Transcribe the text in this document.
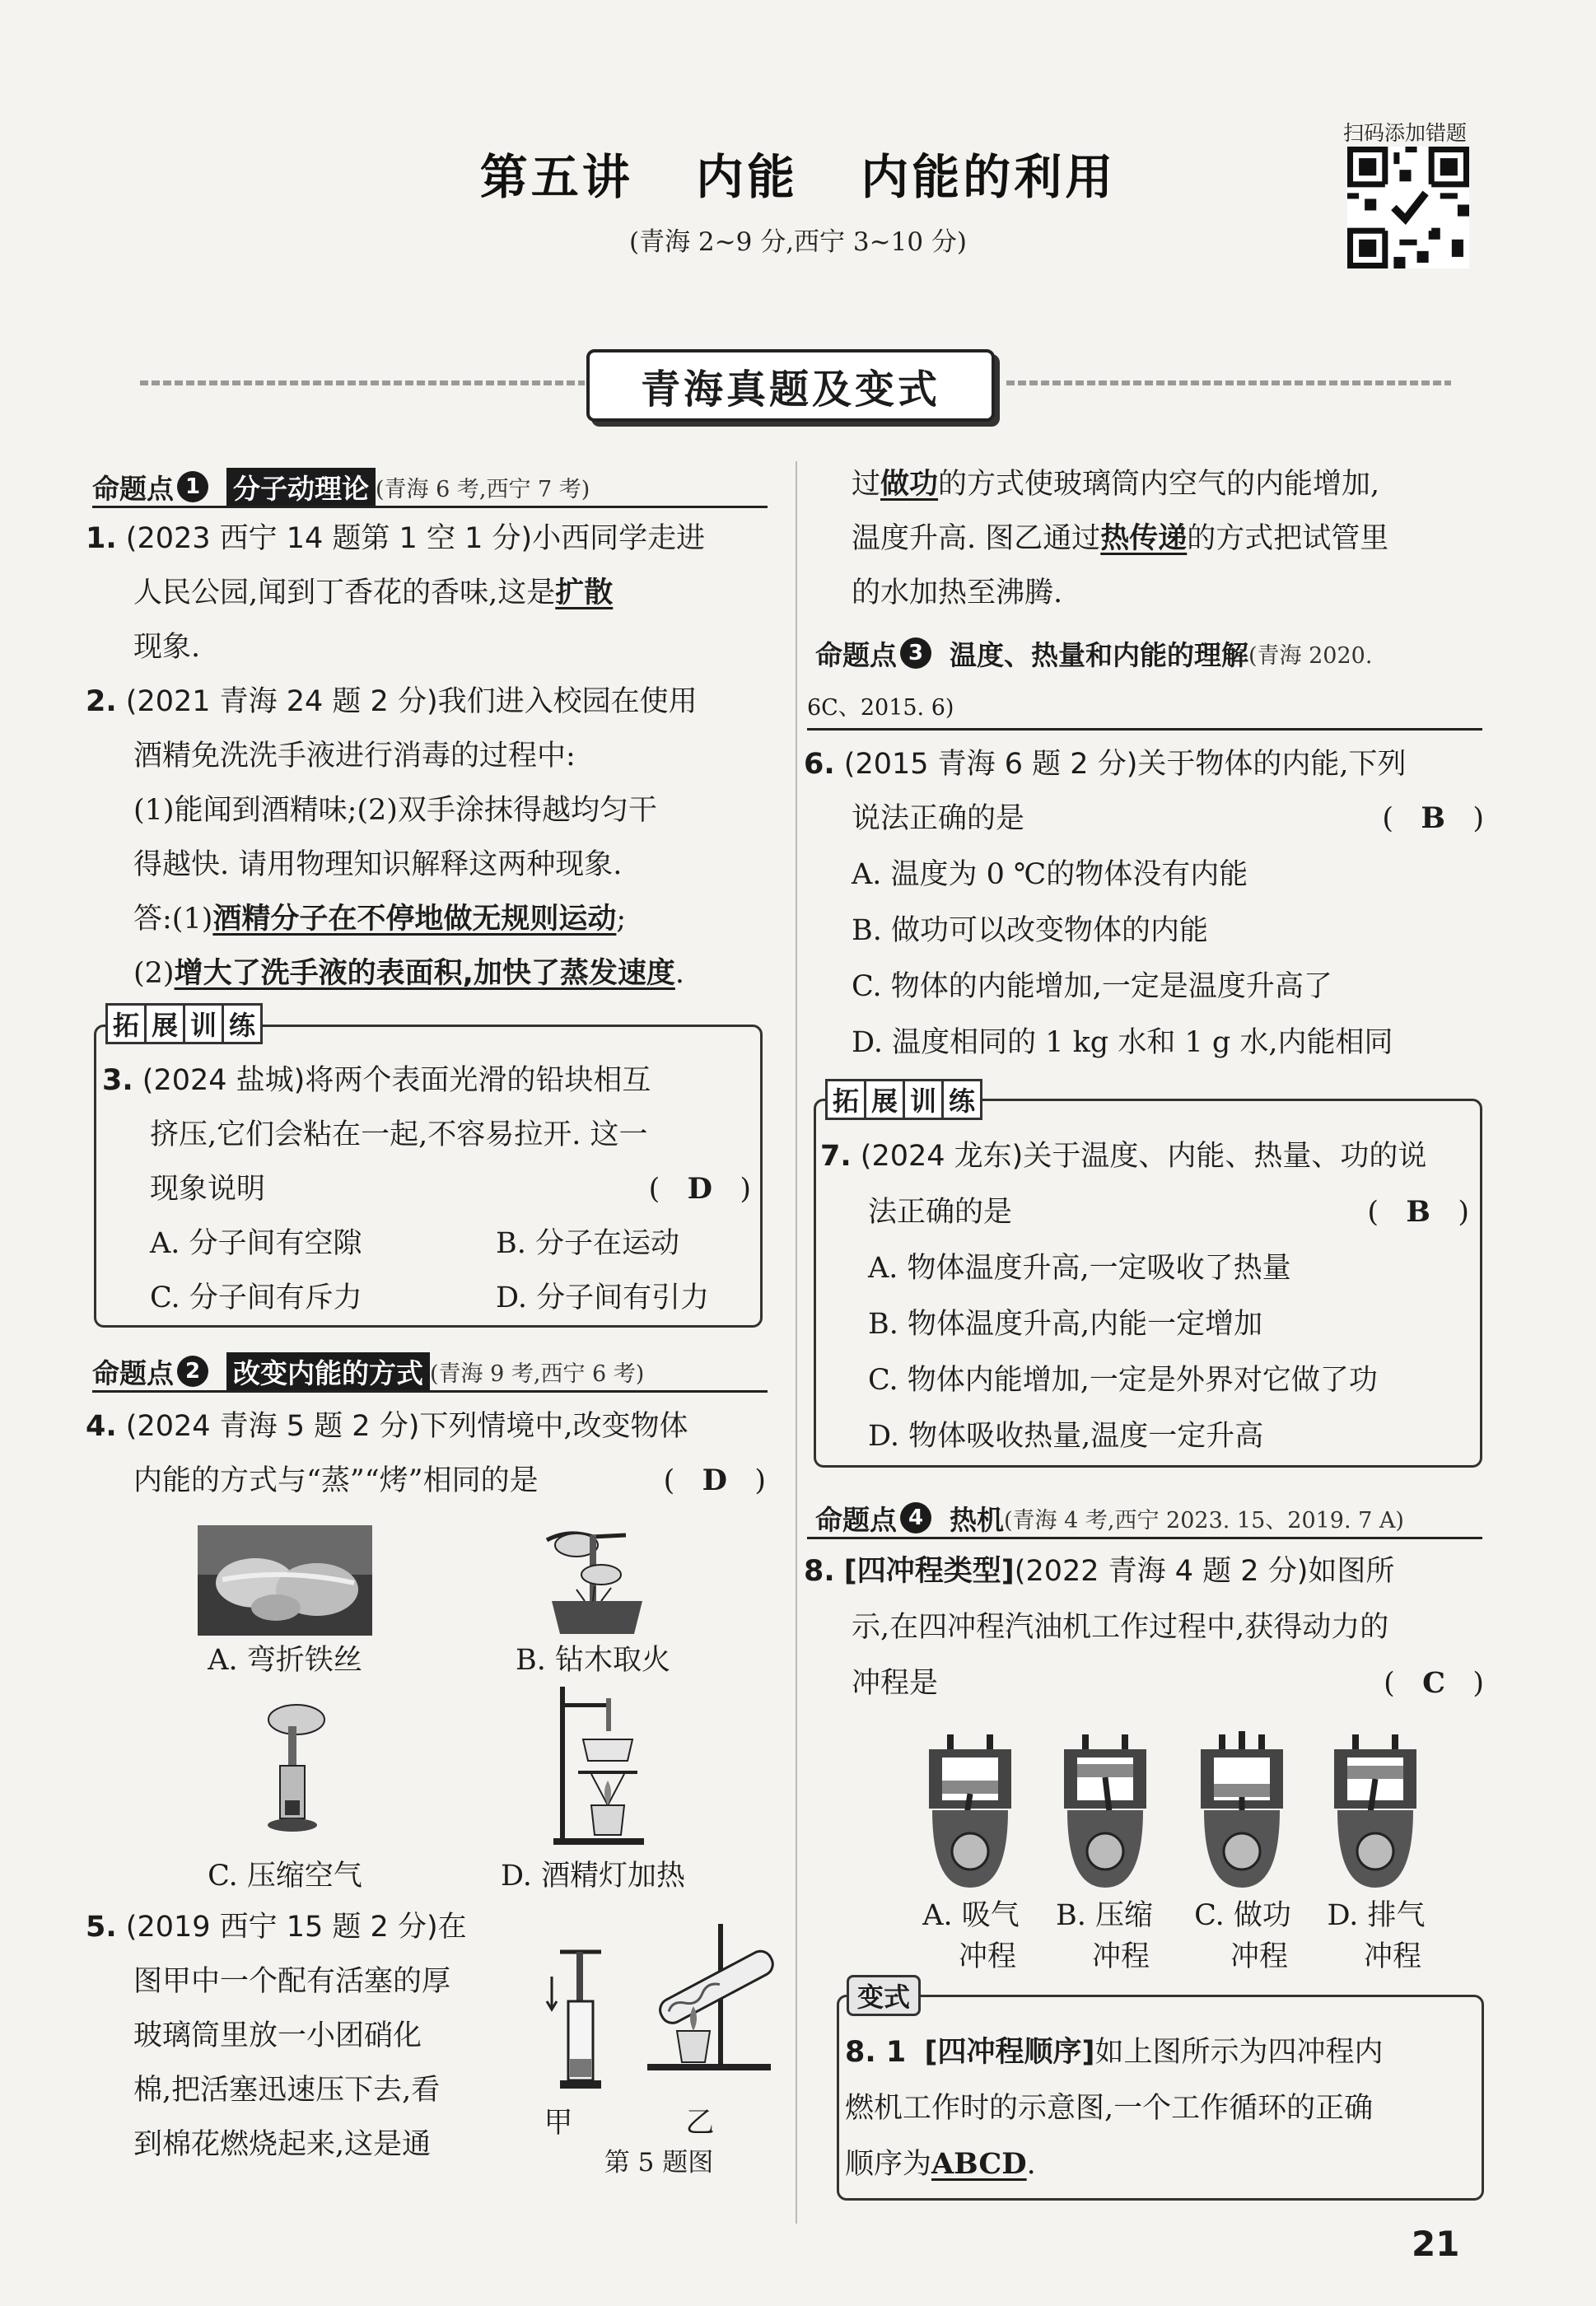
第五讲 内能 内能的利用
(青海 2~9 分,西宁 3~10 分)
扫码添加错题
青海真题及变式
命题点 1	分子动理论 (青海 6 考,西宁 7 考)
1. (2023 西宁 14 题第 1 空 1 分)小西同学走进
人民公园,闻到丁香花的香味,这是扩散
现象.
2. (2021 青海 24 题 2 分)我们进入校园在使用
酒精免洗洗手液进行消毒的过程中:
(1)能闻到酒精味;(2)双手涂抹得越均匀干
得越快. 请用物理知识解释这两种现象.
答:(1)酒精分子在不停地做无规则运动;
(2)增大了洗手液的表面积,加快了蒸发速度.
拓 展 训 练
3. (2024 盐城)将两个表面光滑的铅块相互
挤压,它们会粘在一起,不容易拉开. 这一
现象说明	(   D   )
A. 分子间有空隙	B. 分子在运动
C. 分子间有斥力	D. 分子间有引力
命题点 2	改变内能的方式 (青海 9 考,西宁 6 考)
4. (2024 青海 5 题 2 分)下列情境中,改变物体
内能的方式与“蒸”“烤”相同的是	(   D   )
A. 弯折铁丝	B. 钻木取火
C. 压缩空气	D. 酒精灯加热
5. (2019 西宁 15 题 2 分)在
图甲中一个配有活塞的厚
玻璃筒里放一小团硝化
棉,把活塞迅速压下去,看
到棉花燃烧起来,这是通
甲	乙
第 5 题图
过做功的方式使玻璃筒内空气的内能增加,
温度升高. 图乙通过热传递的方式把试管里
的水加热至沸腾.
命题点 3 温度、热量和内能的理解 (青海 2020.
6C、2015. 6)
6. (2015 青海 6 题 2 分)关于物体的内能,下列
说法正确的是	(   B   )
A. 温度为 0 ℃的物体没有内能
B. 做功可以改变物体的内能
C. 物体的内能增加,一定是温度升高了
D. 温度相同的 1 kg 水和 1 g 水,内能相同
拓 展 训 练
7. (2024 龙东)关于温度、内能、热量、功的说
法正确的是	(   B   )
A. 物体温度升高,一定吸收了热量
B. 物体温度升高,内能一定增加
C. 物体内能增加,一定是外界对它做了功
D. 物体吸收热量,温度一定升高
命题点 4 热机 (青海 4 考,西宁 2023. 15、2019. 7 A)
8. [四冲程类型](2022 青海 4 题 2 分)如图所
示,在四冲程汽油机工作过程中,获得动力的
冲程是	(   C   )
A. 吸气
冲程
B. 压缩
冲程
C. 做功
冲程
D. 排气
冲程
变式
8. 1 [四冲程顺序]如上图所示为四冲程内
燃机工作时的示意图,一个工作循环的正确
顺序为ABCD.
21
